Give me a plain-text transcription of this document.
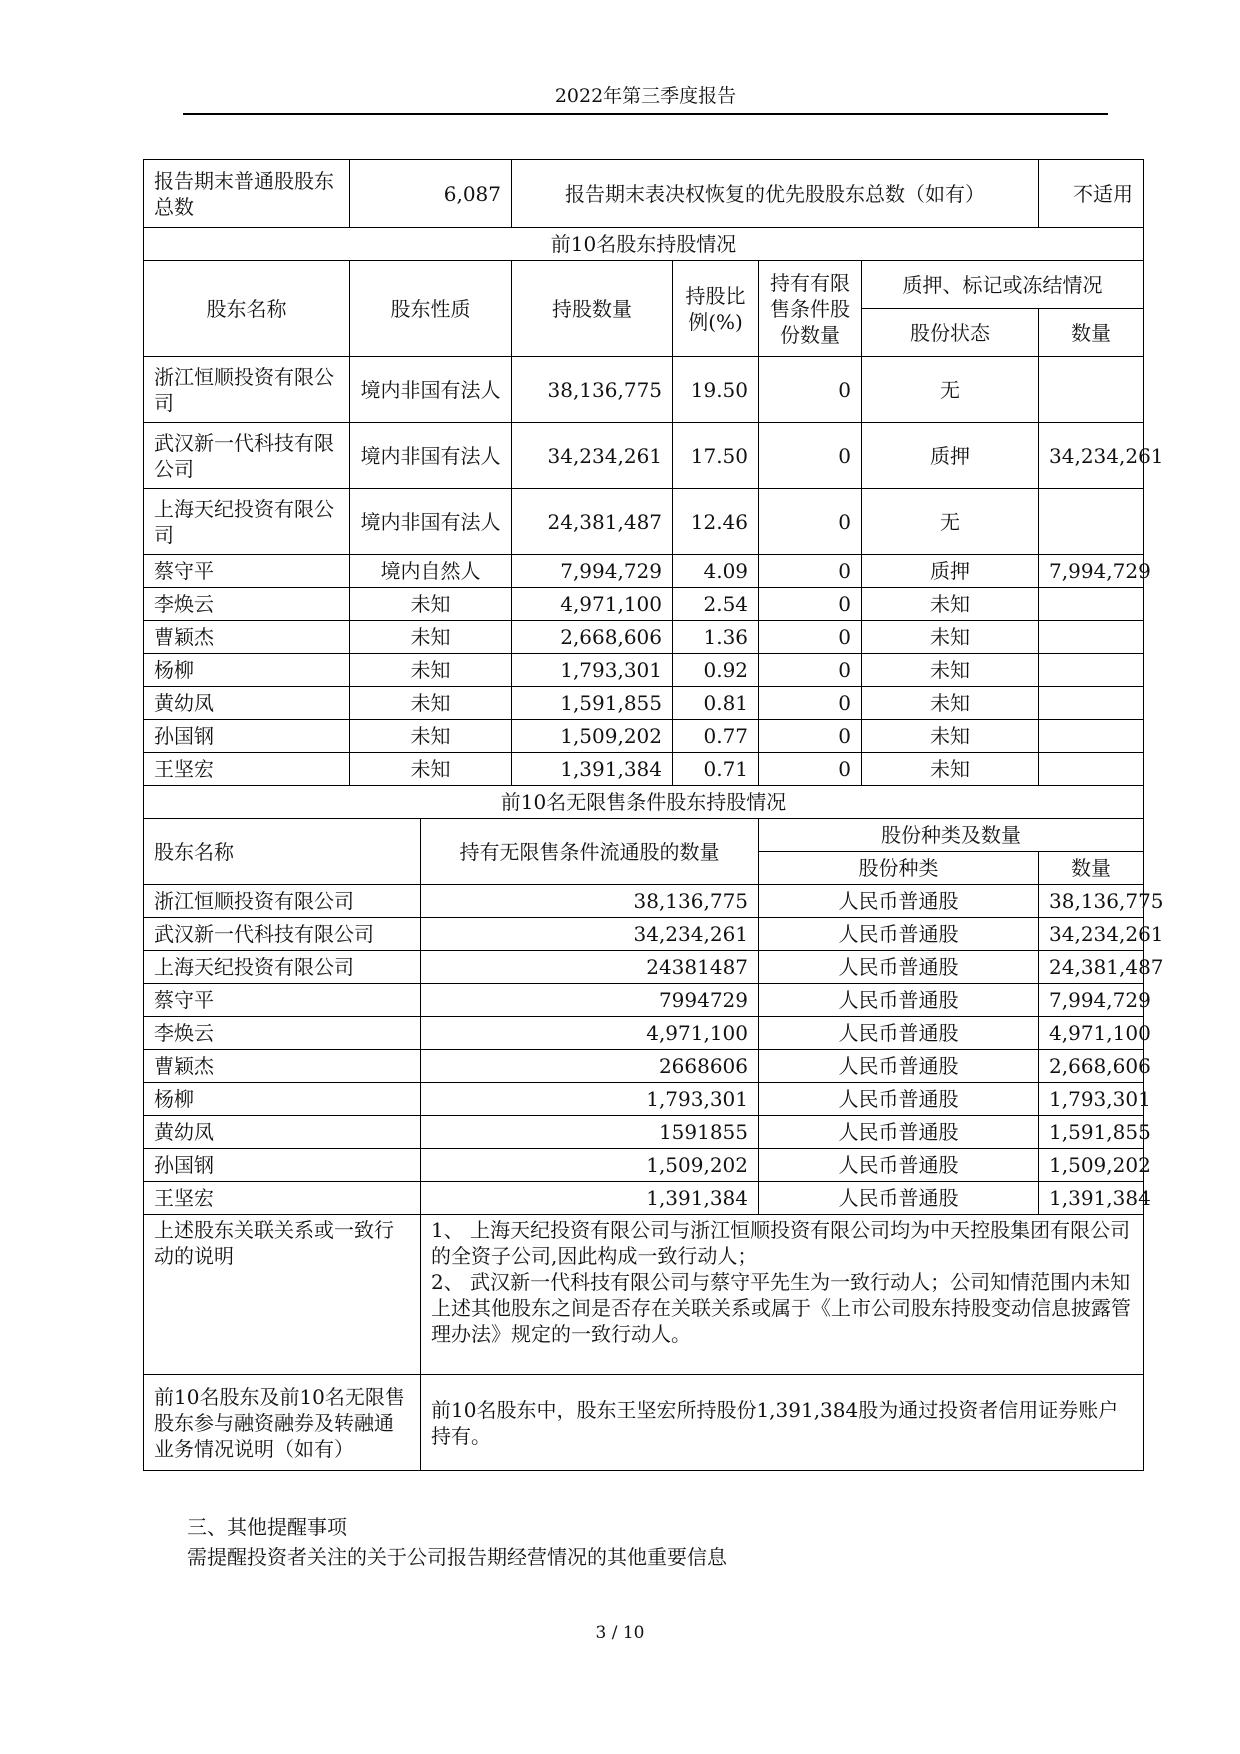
2022年第三季度报告
报告期末普通股股东总数	6,087		报告期末表决权恢复的优先股股东总数（如有）				不适用
前10名股东持股情况							
股东名称	股东性质		持股数量	持股比例(%)	持有有限售条件股份数量	质押、标记或冻结情况	
						股份状态	数量
浙江恒顺投资有限公司	境内非国有法人		38,136,775	19.50	0	无	
武汉新一代科技有限公司	境内非国有法人		34,234,261	17.50	0	质押	34,234,261
上海天纪投资有限公司	境内非国有法人		24,381,487	12.46	0	无	
蔡守平	境内自然人		7,994,729	4.09	0	质押	7,994,729
李焕云	未知		4,971,100	2.54	0	未知	
曹颖杰	未知		2,668,606	1.36	0	未知	
杨柳	未知		1,793,301	0.92	0	未知	
黄幼凤	未知		1,591,855	0.81	0	未知	
孙国钢	未知		1,509,202	0.77	0	未知	
王坚宏	未知		1,391,384	0.71	0	未知	
前10名无限售条件股东持股情况							
股东名称		持有无限售条件流通股的数量			股份种类及数量		
					股份种类		数量
浙江恒顺投资有限公司		38,136,775			人民币普通股		38,136,775
武汉新一代科技有限公司		34,234,261			人民币普通股		34,234,261
上海天纪投资有限公司		24381487			人民币普通股		24,381,487
蔡守平		7994729			人民币普通股		7,994,729
李焕云		4,971,100			人民币普通股		4,971,100
曹颖杰		2668606			人民币普通股		2,668,606
杨柳		1,793,301			人民币普通股		1,793,301
黄幼凤		1591855			人民币普通股		1,591,855
孙国钢		1,509,202			人民币普通股		1,509,202
王坚宏		1,391,384			人民币普通股		1,391,384
上述股东关联关系或一致行动的说明		1、 上海天纪投资有限公司与浙江恒顺投资有限公司均为中天控股集团有限公司的全资子公司,因此构成一致行动人；
2、 武汉新一代科技有限公司与蔡守平先生为一致行动人；公司知情范围内未知上述其他股东之间是否存在关联关系或属于《上市公司股东持股变动信息披露管理办法》规定的一致行动人。					

前10名股东及前10名无限售股东参与融资融券及转融通业务情况说明（如有）		前10名股东中，股东王坚宏所持股份1,391,384股为通过投资者信用证券账户持有。					
三、其他提醒事项
需提醒投资者关注的关于公司报告期经营情况的其他重要信息
3 / 10
